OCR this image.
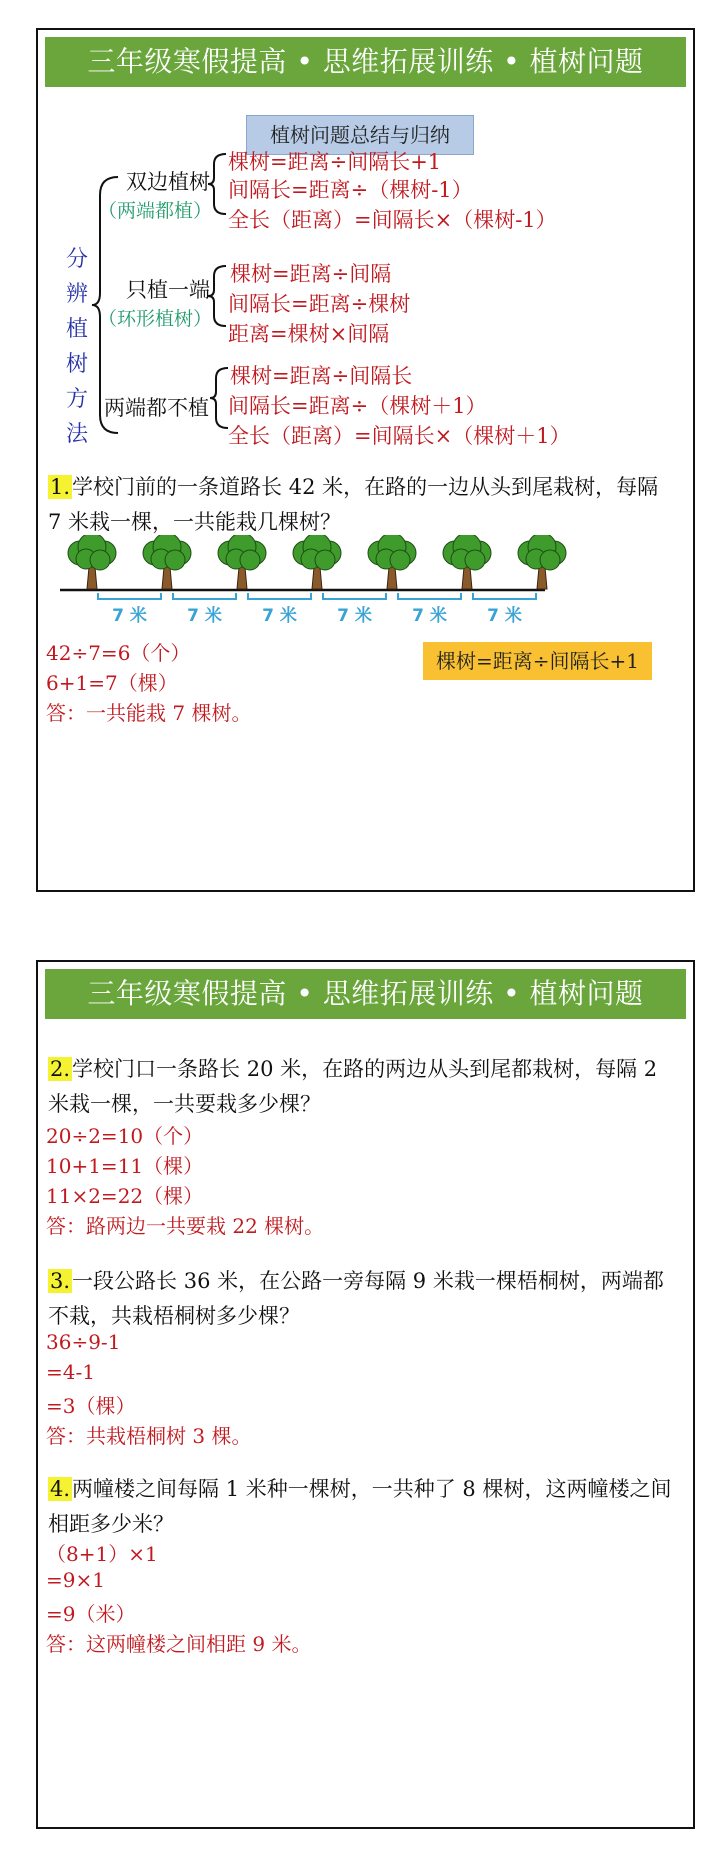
三年级寒假提高 • 思维拓展训练 • 植树问题
植树问题总结与归纳
分
辨
植
树
方
法
双边植树
（两端都植）
棵树=距离÷间隔长+1
间隔长=距离÷（棵树-1）
全长（距离）=间隔长×（棵树-1）
只植一端
（环形植树）
棵树=距离÷间隔
间隔长=距离÷棵树
距离=棵树×间隔
两端都不植
棵树=距离÷间隔长
间隔长=距离÷（棵树＋1）
全长（距离）=间隔长×（棵树＋1）
1.学校门前的一条道路长 42 米，在路的一边从头到尾栽树，每隔 7 米栽一棵，一共能栽几棵树？
7 米 7 米 7 米 7 米 7 米 7 米
42÷7=6（个）
6+1=7（棵）
答：一共能栽 7 棵树。
棵树=距离÷间隔长+1
三年级寒假提高 • 思维拓展训练 • 植树问题
2.学校门口一条路长 20 米，在路的两边从头到尾都栽树，每隔 2 米栽一棵，一共要栽多少棵？
20÷2=10（个）
10+1=11（棵）
11×2=22（棵）
答：路两边一共要栽 22 棵树。
3.一段公路长 36 米，在公路一旁每隔 9 米栽一棵梧桐树，两端都不栽，共栽梧桐树多少棵？
36÷9-1
=4-1
=3（棵）
答：共栽梧桐树 3 棵。
4.两幢楼之间每隔 1 米种一棵树，一共种了 8 棵树，这两幢楼之间相距多少米？
（8+1）×1
=9×1
=9（米）
答：这两幢楼之间相距 9 米。
